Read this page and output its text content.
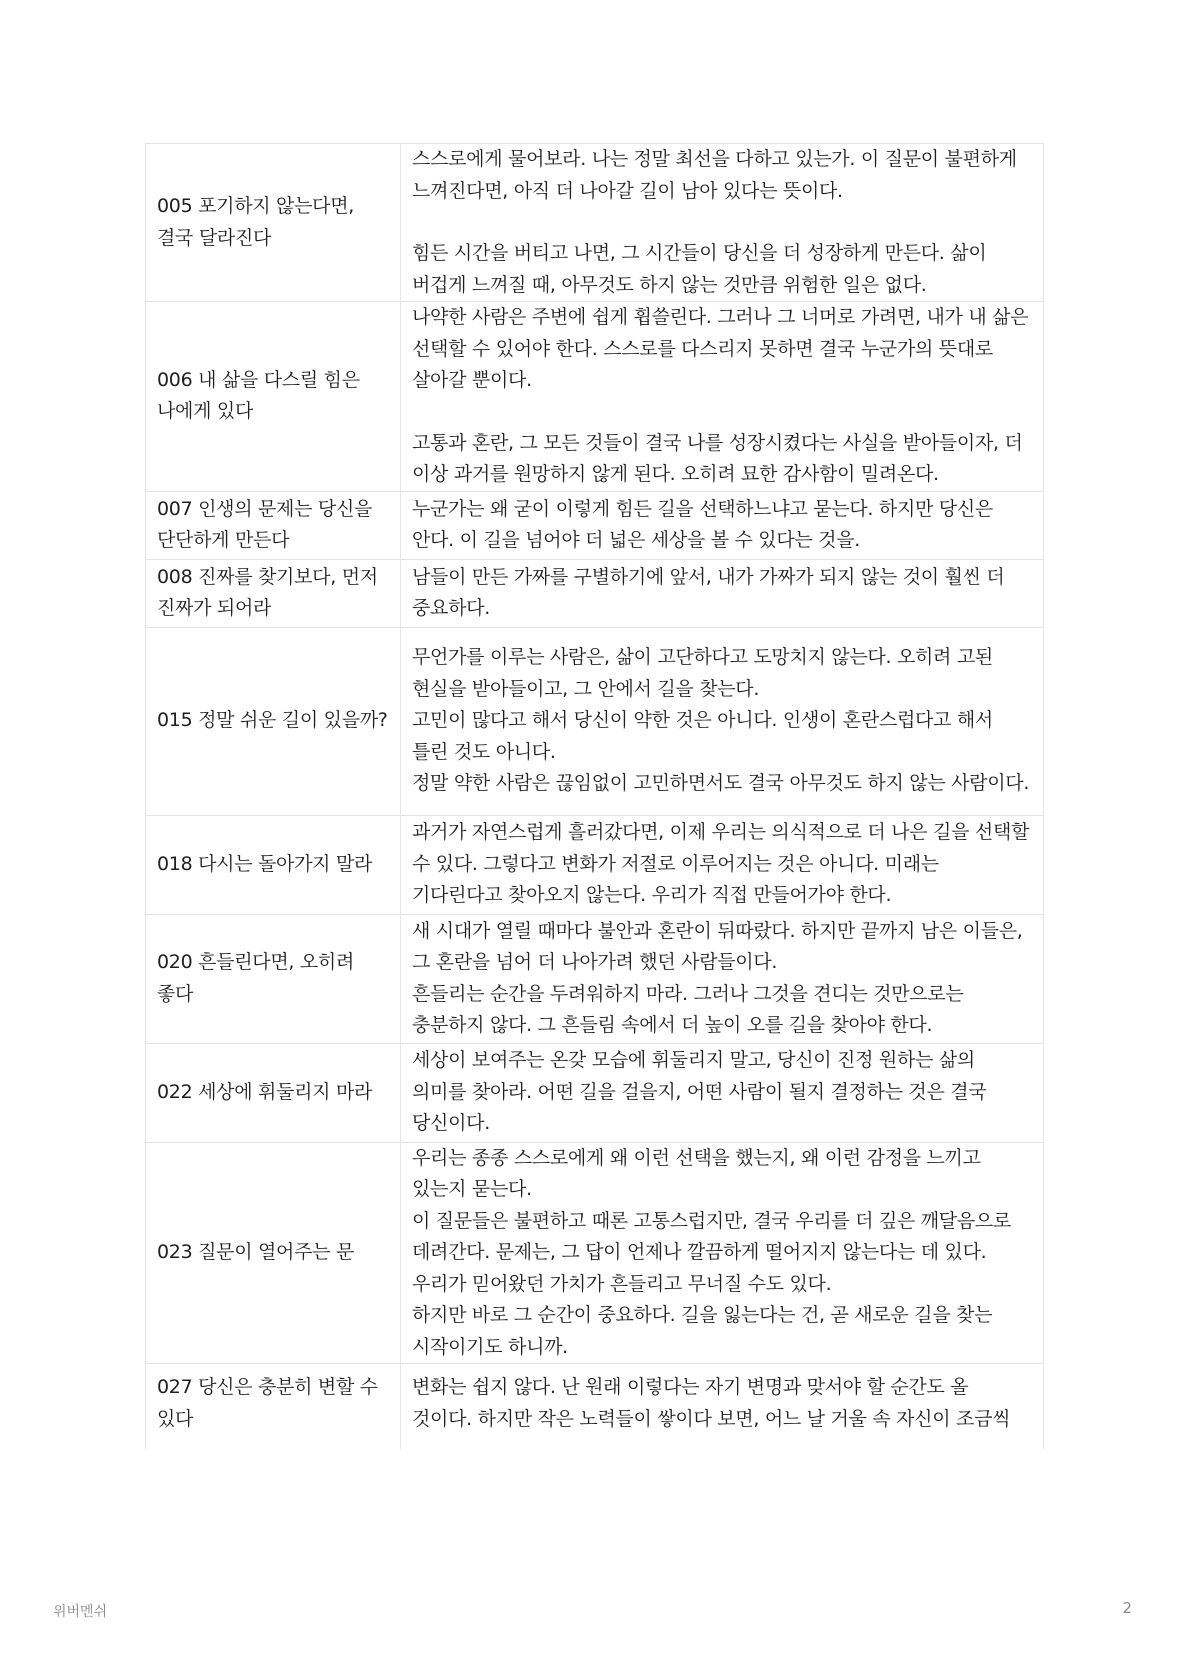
005 포기하지 않는다면, 결국 달라진다	스스로에게 물어보라. 나는 정말 최선을 다하고 있는가. 이 질문이 불편하게 느껴진다면, 아직 더 나아갈 길이 남아 있다는 뜻이다.

힘든 시간을 버티고 나면, 그 시간들이 당신을 더 성장하게 만든다. 삶이 버겁게 느껴질 때, 아무것도 하지 않는 것만큼 위험한 일은 없다.

006 내 삶을 다스릴 힘은 나에게 있다	나약한 사람은 주변에 쉽게 휩쓸린다. 그러나 그 너머로 가려면, 내가 내 삶은 선택할 수 있어야 한다. 스스로를 다스리지 못하면 결국 누군가의 뜻대로 살아갈 뿐이다.

고통과 혼란, 그 모든 것들이 결국 나를 성장시켰다는 사실을 받아들이자, 더 이상 과거를 원망하지 않게 된다. 오히려 묘한 감사함이 밀려온다.

007 인생의 문제는 당신을 단단하게 만든다	누군가는 왜 굳이 이렇게 힘든 길을 선택하느냐고 묻는다. 하지만 당신은 안다. 이 길을 넘어야 더 넓은 세상을 볼 수 있다는 것을.

008 진짜를 찾기보다, 먼저 진짜가 되어라	남들이 만든 가짜를 구별하기에 앞서, 내가 가짜가 되지 않는 것이 훨씬 더 중요하다.

015 정말 쉬운 길이 있을까?	무언가를 이루는 사람은, 삶이 고단하다고 도망치지 않는다. 오히려 고된 현실을 받아들이고, 그 안에서 길을 찾는다.

고민이 많다고 해서 당신이 약한 것은 아니다. 인생이 혼란스럽다고 해서 틀린 것도 아니다.

정말 약한 사람은 끊임없이 고민하면서도 결국 아무것도 하지 않는 사람이다.

018 다시는 돌아가지 말라	과거가 자연스럽게 흘러갔다면, 이제 우리는 의식적으로 더 나은 길을 선택할 수 있다. 그렇다고 변화가 저절로 이루어지는 것은 아니다. 미래는 기다린다고 찾아오지 않는다. 우리가 직접 만들어가야 한다.

020 흔들린다면, 오히려 좋다	새 시대가 열릴 때마다 불안과 혼란이 뒤따랐다. 하지만 끝까지 남은 이들은, 그 혼란을 넘어 더 나아가려 했던 사람들이다.

흔들리는 순간을 두려워하지 마라. 그러나 그것을 견디는 것만으로는 충분하지 않다. 그 흔들림 속에서 더 높이 오를 길을 찾아야 한다.

022 세상에 휘둘리지 마라	세상이 보여주는 온갖 모습에 휘둘리지 말고, 당신이 진정 원하는 삶의 의미를 찾아라. 어떤 길을 걸을지, 어떤 사람이 될지 결정하는 것은 결국 당신이다.

023 질문이 열어주는 문	우리는 종종 스스로에게 왜 이런 선택을 했는지, 왜 이런 감정을 느끼고 있는지 묻는다.

이 질문들은 불편하고 때론 고통스럽지만, 결국 우리를 더 깊은 깨달음으로 데려간다. 문제는, 그 답이 언제나 깔끔하게 떨어지지 않는다는 데 있다. 우리가 믿어왔던 가치가 흔들리고 무너질 수도 있다.

하지만 바로 그 순간이 중요하다. 길을 잃는다는 건, 곧 새로운 길을 찾는 시작이기도 하니까.

027 당신은 충분히 변할 수 있다	변화는 쉽지 않다. 난 원래 이렇다는 자기 변명과 맞서야 할 순간도 올 것이다. 하지만 작은 노력들이 쌓이다 보면, 어느 날 거울 속 자신이 조금씩

위버멘쉬	2
